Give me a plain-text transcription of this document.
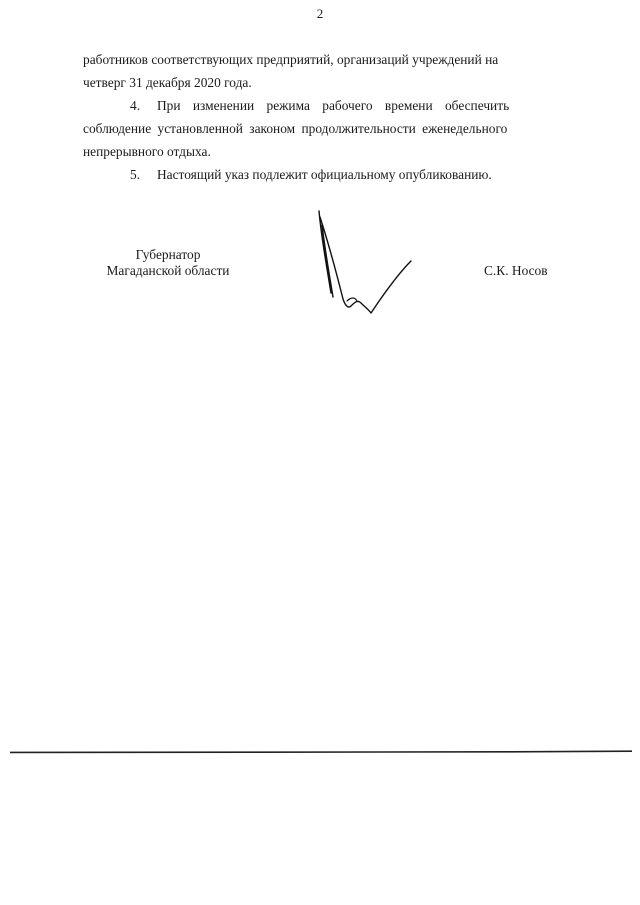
2
работников соответствующих предприятий, организаций учреждений на
четверг 31 декабря 2020 года.
4. При изменении режима рабочего времени обеспечить
соблюдение установленной законом продолжительности еженедельного
непрерывного отдыха.
5. Настоящий указ подлежит официальному опубликованию.
Губернатор
Магаданской области	С.К. Носов
